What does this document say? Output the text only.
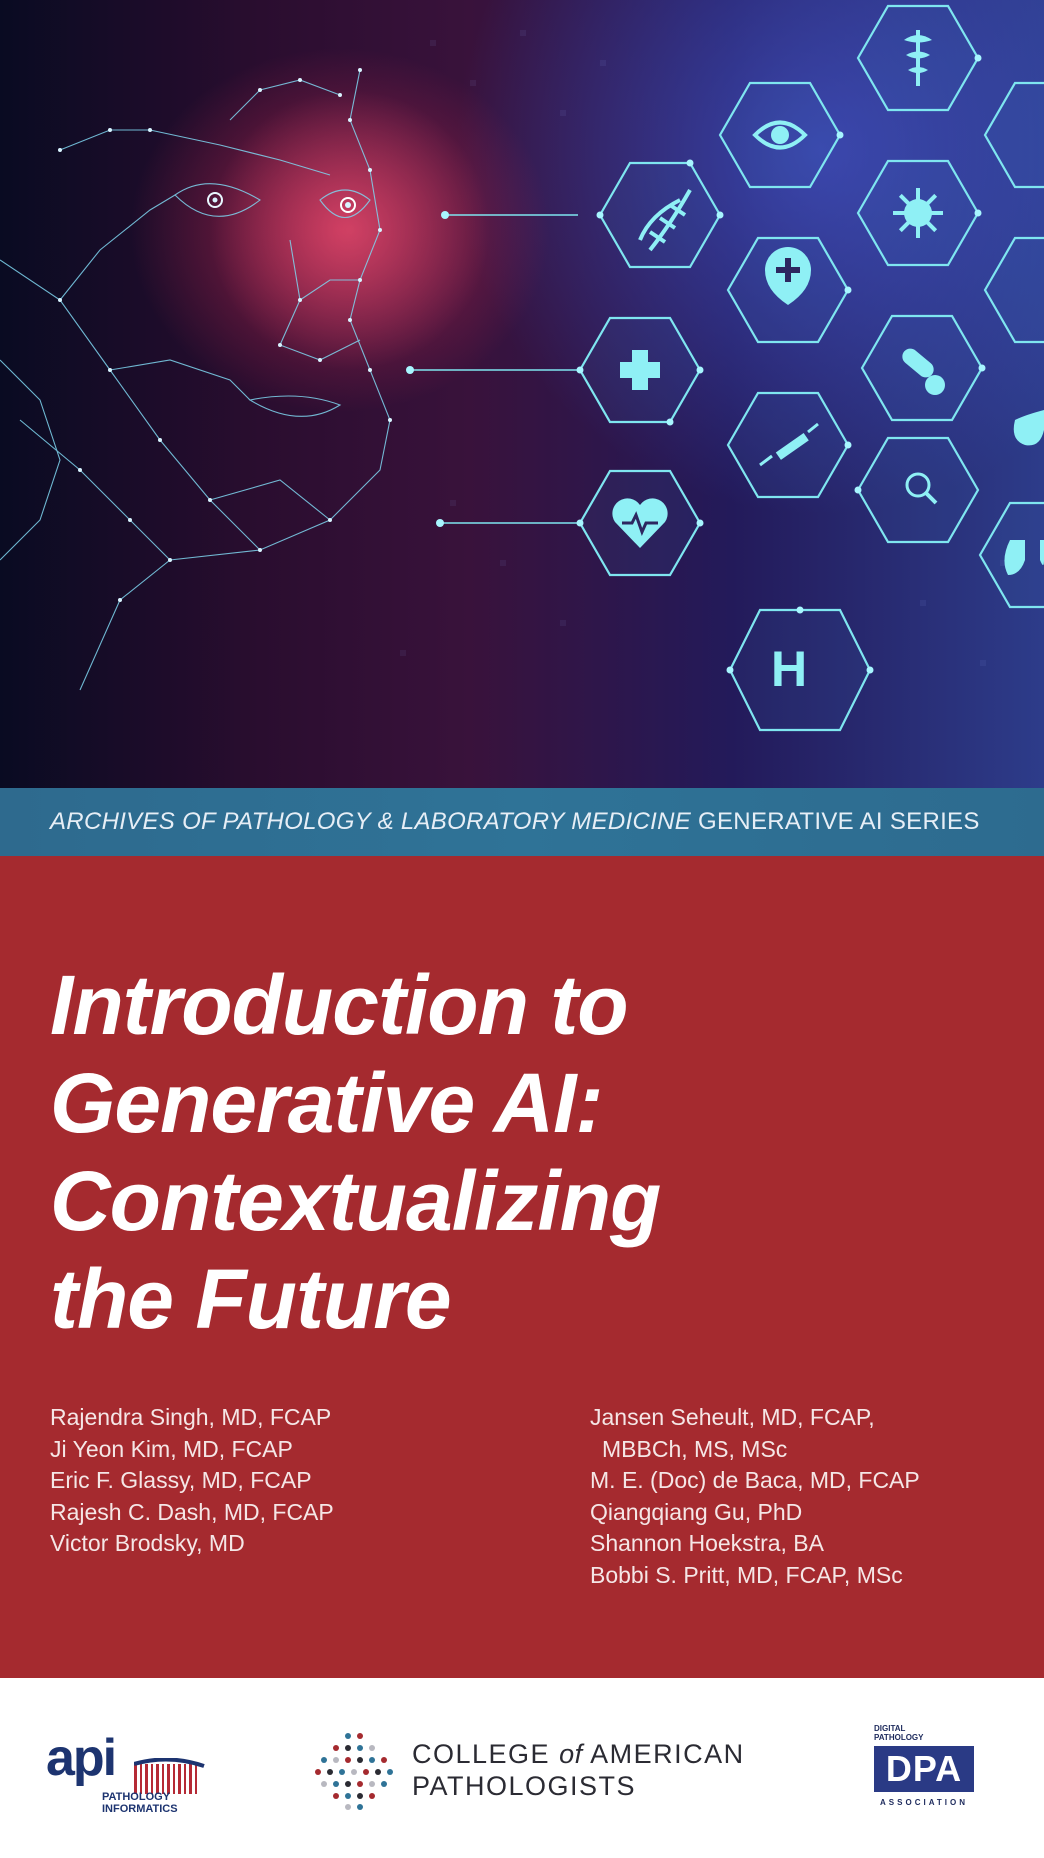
H
ARCHIVES OF PATHOLOGY & LABORATORY MEDICINE GENERATIVE AI SERIES
Introduction to
Generative AI:
Contextualizing
the Future
Rajendra Singh, MD, FCAP
Ji Yeon Kim, MD, FCAP
Eric F. Glassy, MD, FCAP
Rajesh C. Dash, MD, FCAP
Victor Brodsky, MD
Jansen Seheult, MD, FCAP,
MBBCh, MS, MSc
M. E. (Doc) de Baca, MD, FCAP
Qiangqiang Gu, PhD
Shannon Hoekstra, BA
Bobbi S. Pritt, MD, FCAP, MSc
api
PATHOLOGY
INFORMATICS
COLLEGE of AMERICAN
PATHOLOGISTS
DIGITAL
PATHOLOGY
DPA
ASSOCIATION
